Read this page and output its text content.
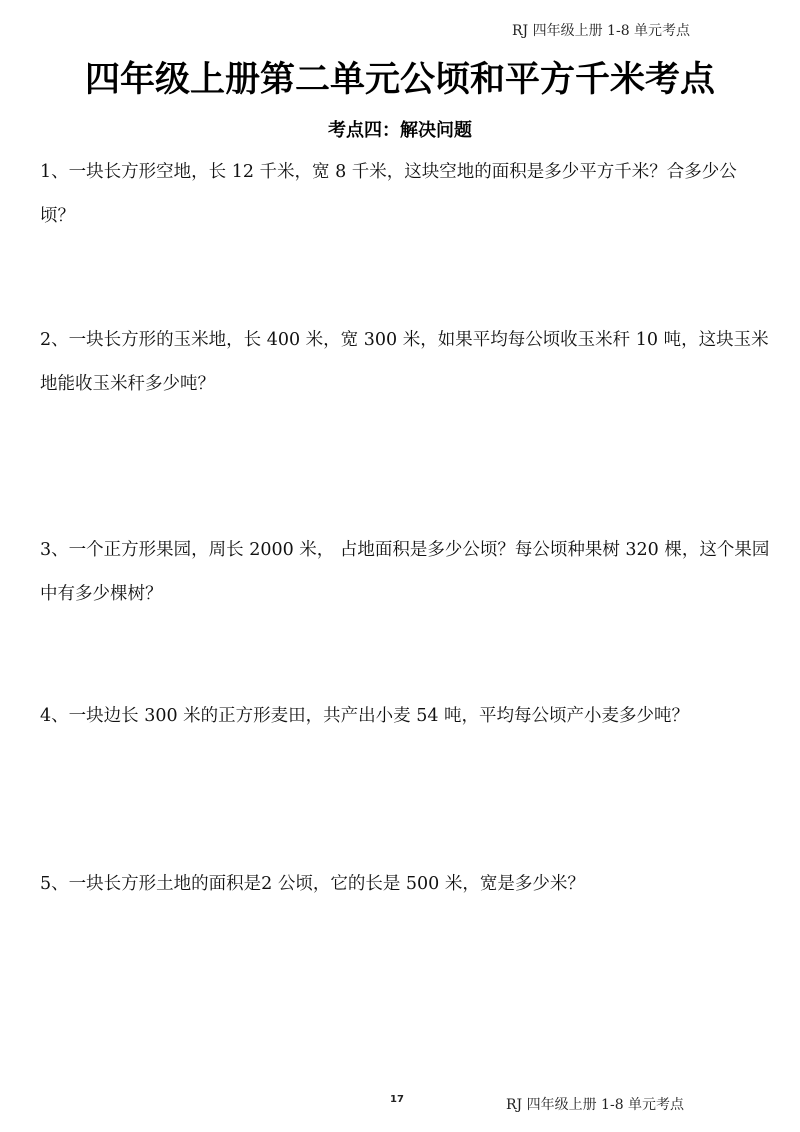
RJ 四年级上册 1-8 单元考点
四年级上册第二单元公顷和平方千米考点
考点四：解决问题
1、一块长方形空地，长 12 千米，宽 8 千米，这块空地的面积是多少平方千米？合多少公顷？
2、一块长方形的玉米地，长 400 米，宽 300 米，如果平均每公顷收玉米秆 10 吨，这块玉米地能收玉米秆多少吨？
3、一个正方形果园，周长 2000 米， 占地面积是多少公顷？每公顷种果树 320 棵，这个果园中有多少棵树？
4、一块边长 300 米的正方形麦田，共产出小麦 54 吨，平均每公顷产小麦多少吨？
5、一块长方形土地的面积是2 公顷，它的长是 500 米，宽是多少米？
17	RJ 四年级上册 1-8 单元考点
